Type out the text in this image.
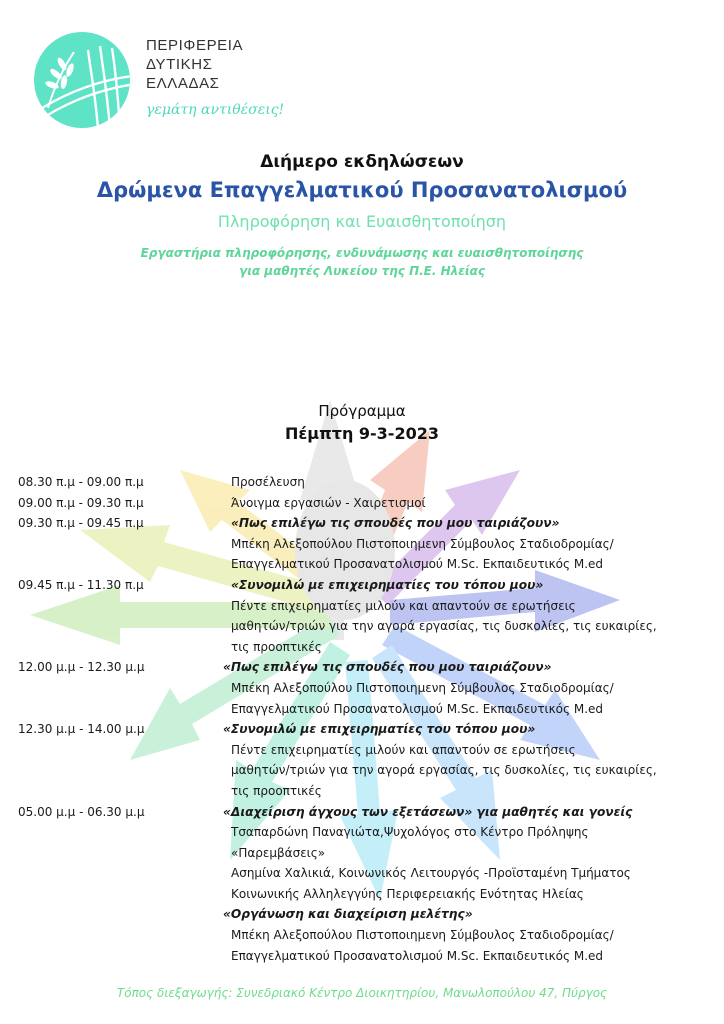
ΠΕΡΙΦΕΡΕΙΑ
ΔΥΤΙΚΗΣ
ΕΛΛΑΔΑΣ
γεμάτη αντιθέσεις!
Διήμερο εκδηλώσεων
Δρώμενα Επαγγελματικού Προσανατολισμού
Πληροφόρηση και Ευαισθητοποίηση
Εργαστήρια πληροφόρησης, ενδυνάμωσης και ευαισθητοποίησης
για μαθητές Λυκείου της Π.Ε. Ηλείας
Πρόγραμμα
Πέμπτη 9-3-2023
08.30 π.μ - 09.00 π.μ	Προσέλευση
09.00 π.μ - 09.30 π.μ	Άνοιγμα εργασιών - Χαιρετισμοί
09.30 π.μ - 09.45 π.μ	«Πως επιλέγω τις σπουδές που μου ταιριάζουν»
Μπέκη Αλεξοπούλου Πιστοποιημενη Σύμβουλος Σταδιοδρομίας/
Επαγγελματικού Προσανατολισμού M.Sc. Εκπαιδευτικός M.ed
09.45 π.μ - 11.30 π.μ	«Συνομιλώ με επιχειρηματίες του τόπου μου»
Πέντε επιχειρηματίες μιλούν και απαντούν σε ερωτήσεις
μαθητών/τριών για την αγορά εργασίας, τις δυσκολίες, τις ευκαιρίες,
τις προοπτικές
12.00 μ.μ - 12.30 μ.μ	«Πως επιλέγω τις σπουδές που μου ταιριάζουν»
Μπέκη Αλεξοπούλου Πιστοποιημενη Σύμβουλος Σταδιοδρομίας/
Επαγγελματικού Προσανατολισμού M.Sc. Εκπαιδευτικός M.ed
12.30 μ.μ - 14.00 μ.μ	«Συνομιλώ με επιχειρηματίες του τόπου μου»
Πέντε επιχειρηματίες μιλούν και απαντούν σε ερωτήσεις
μαθητών/τριών για την αγορά εργασίας, τις δυσκολίες, τις ευκαιρίες,
τις προοπτικές
05.00 μ.μ - 06.30 μ.μ	«Διαχείριση άγχους των εξετάσεων» για μαθητές και γονείς
Τσαπαρδώνη Παναγιώτα,Ψυχολόγος στο Κέντρο Πρόληψης
«Παρεμβάσεις»
Ασημίνα Χαλικιά, Κοινωνικός Λειτουργός -Προϊσταμένη Τμήματος
Κοινωνικής Αλληλεγγύης Περιφερειακής Ενότητας Ηλείας
«Οργάνωση και διαχείριση μελέτης»
Μπέκη Αλεξοπούλου Πιστοποιημενη Σύμβουλος Σταδιοδρομίας/
Επαγγελματικού Προσανατολισμού M.Sc. Εκπαιδευτικός M.ed
Τόπος διεξαγωγής: Συνεδριακό Κέντρο Διοικητηρίου, Μανωλοπούλου 47, Πύργος
